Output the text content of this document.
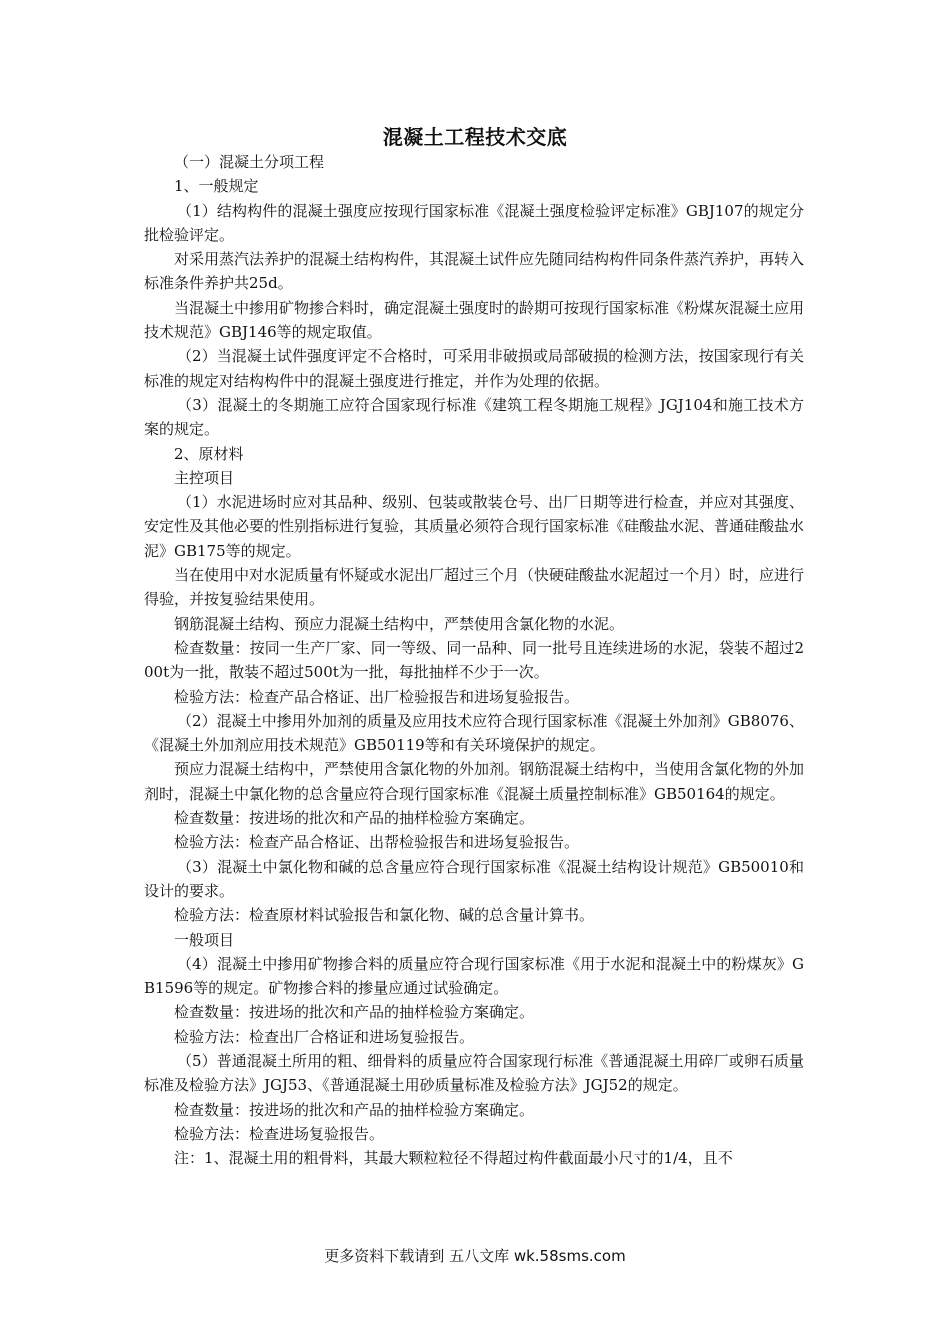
混凝土工程技术交底

（一）混凝土分项工程

1、一般规定

（1）结构构件的混凝土强度应按现行国家标准《混凝土强度检验评定标准》GBJ107的规定分批检验评定。

对采用蒸汽法养护的混凝土结构构件，其混凝土试件应先随同结构构件同条件蒸汽养护，再转入标准条件养护共25d。

当混凝土中掺用矿物掺合料时，确定混凝土强度时的龄期可按现行国家标准《粉煤灰混凝土应用技术规范》GBJ146等的规定取值。

（2）当混凝土试件强度评定不合格时，可采用非破损或局部破损的检测方法，按国家现行有关标准的规定对结构构件中的混凝土强度进行推定，并作为处理的依据。

（3）混凝土的冬期施工应符合国家现行标准《建筑工程冬期施工规程》JGJ104和施工技术方案的规定。

2、原材料

主控项目

（1）水泥进场时应对其品种、级别、包装或散装仓号、出厂日期等进行检查，并应对其强度、安定性及其他必要的性别指标进行复验，其质量必须符合现行国家标准《硅酸盐水泥、普通硅酸盐水泥》GB175等的规定。

当在使用中对水泥质量有怀疑或水泥出厂超过三个月（快硬硅酸盐水泥超过一个月）时，应进行得验，并按复验结果使用。

钢筋混凝土结构、预应力混凝土结构中，严禁使用含氯化物的水泥。

检查数量：按同一生产厂家、同一等级、同一品种、同一批号且连续进场的水泥，袋装不超过200t为一批，散装不超过500t为一批，每批抽样不少于一次。

检验方法：检查产品合格证、出厂检验报告和进场复验报告。

（2）混凝土中掺用外加剂的质量及应用技术应符合现行国家标准《混凝土外加剂》GB8076、《混凝土外加剂应用技术规范》GB50119等和有关环境保护的规定。

预应力混凝土结构中，严禁使用含氯化物的外加剂。钢筋混凝土结构中，当使用含氯化物的外加剂时，混凝土中氯化物的总含量应符合现行国家标准《混凝土质量控制标准》GB50164的规定。

检查数量：按进场的批次和产品的抽样检验方案确定。

检验方法：检查产品合格证、出帮检验报告和进场复验报告。

（3）混凝土中氯化物和碱的总含量应符合现行国家标准《混凝土结构设计规范》GB50010和设计的要求。

检验方法：检查原材料试验报告和氯化物、碱的总含量计算书。

一般项目

（4）混凝土中掺用矿物掺合料的质量应符合现行国家标准《用于水泥和混凝土中的粉煤灰》GB1596等的规定。矿物掺合料的掺量应通过试验确定。

检查数量：按进场的批次和产品的抽样检验方案确定。

检验方法：检查出厂合格证和进场复验报告。

（5）普通混凝土所用的粗、细骨料的质量应符合国家现行标准《普通混凝土用碎厂或卵石质量标准及检验方法》JGJ53、《普通混凝土用砂质量标准及检验方法》JGJ52的规定。

检查数量：按进场的批次和产品的抽样检验方案确定。

检验方法：检查进场复验报告。

注：1、混凝土用的粗骨料，其最大颗粒粒径不得超过构件截面最小尺寸的1/4，且不

更多资料下载请到 五八文库 wk.58sms.com
